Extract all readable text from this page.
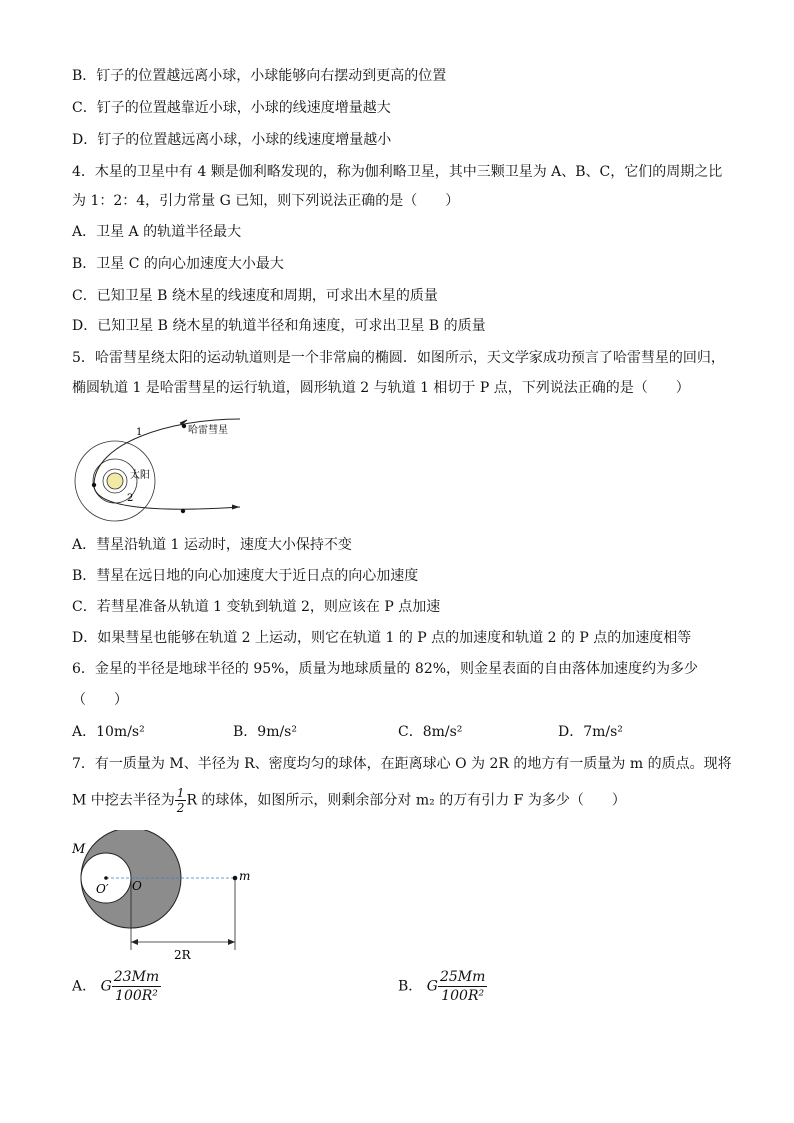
B．钉子的位置越远离小球，小球能够向右摆动到更高的位置
C．钉子的位置越靠近小球，小球的线速度增量越大
D．钉子的位置越远离小球，小球的线速度增量越小
4．木星的卫星中有 4 颗是伽利略发现的，称为伽利略卫星，其中三颗卫星为 A、B、C，它们的周期之比
为 1：2：4，引力常量 G 已知，则下列说法正确的是（　　）
A．卫星 A 的轨道半径最大
B．卫星 C 的向心加速度大小最大
C．已知卫星 B 绕木星的线速度和周期，可求出木星的质量
D．已知卫星 B 绕木星的轨道半径和角速度，可求出卫星 B 的质量
5．哈雷彗星绕太阳的运动轨道则是一个非常扁的椭圆．如图所示，天文学家成功预言了哈雷彗星的回归，
椭圆轨道 1 是哈雷彗星的运行轨道，圆形轨道 2 与轨道 1 相切于 P 点，下列说法正确的是（　　）
1	哈雷彗星
太阳
2
A．彗星沿轨道 1 运动时，速度大小保持不变
B．彗星在远日地的向心加速度大于近日点的向心加速度
C．若彗星准备从轨道 1 变轨到轨道 2，则应该在 P 点加速
D．如果彗星也能够在轨道 2 上运动，则它在轨道 1 的 P 点的加速度和轨道 2 的 P 点的加速度相等
6．金星的半径是地球半径的 95%，质量为地球质量的 82%，则金星表面的自由落体加速度约为多少
（　　）
A．10m/s²	B．9m/s²	C．8m/s²	D．7m/s²
7．有一质量为 M、半径为 R、密度均匀的球体，在距离球心 O 为 2R 的地方有一质量为 m 的质点。现将
M 中挖去半径为 $\frac{1}{2}$ R 的球体，如图所示，则剩余部分对 m₂ 的万有引力 F 为多少（　　）
M
O′ O
m
2R
A． G $\frac{23Mm}{\text{100R²}}$	B． G $\frac{25Mm}{\text{100R²}}$
